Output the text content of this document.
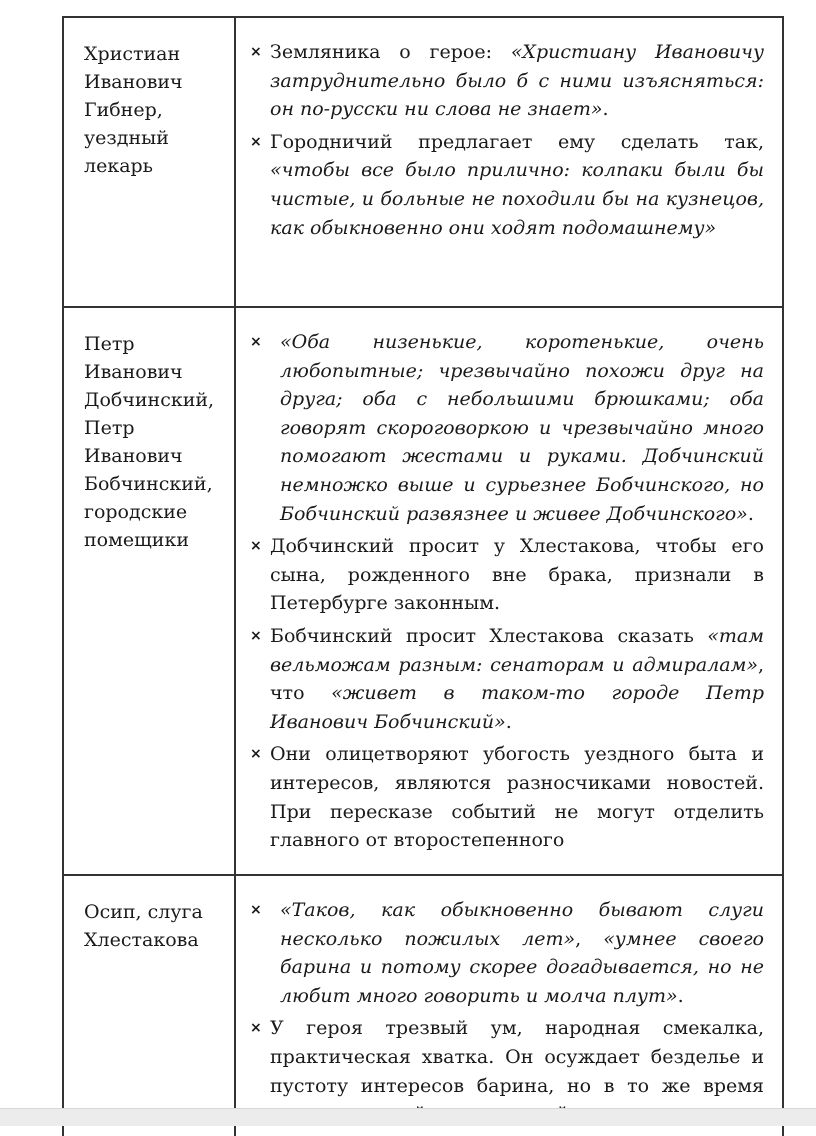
Христиан Иванович Гибнер, уездный лекарь
× Земляника о герое: «Христиану Ивановичу затруднительно было б с ними изъясняться: он по-русски ни слова не знает».
× Городничий предлагает ему сделать так, «чтобы все было прилично: колпаки были бы чистые, и больные не походили бы на кузнецов, как обыкновенно они ходят подомашнему»
Петр Иванович Добчинский, Петр Иванович Бобчинский, городские помещики
× «Оба низенькие, коротенькие, очень любопытные; чрезвычайно похожи друг на друга; оба с небольшими брюшками; оба говорят скороговоркою и чрезвычайно много помогают жестами и руками. Добчинский немножко выше и сурьезнее Бобчинского, но Бобчинский развязнее и живее Добчинского».
× Добчинский просит у Хлестакова, чтобы его сына, рожденного вне брака, признали в Петербурге законным.
× Бобчинский просит Хлестакова сказать «там вельможам разным: сенаторам и адмиралам», что «живет в таком-то городе Петр Иванович Бобчинский».
× Они олицетворяют убогость уездного быта и интересов, являются разносчиками новостей. При пересказе событий не могут отделить главного от второстепенного
Осип, слуга Хлестакова
× «Таков, как обыкновенно бывают слуги несколько пожилых лет», «умнее своего барина и потому скорее догадывается, но не любит много говорить и молча плут».
× У героя трезвый ум, народная смекалка, практическая хватка. Он осуждает безделье и пустоту интересов барина, но в то же время
